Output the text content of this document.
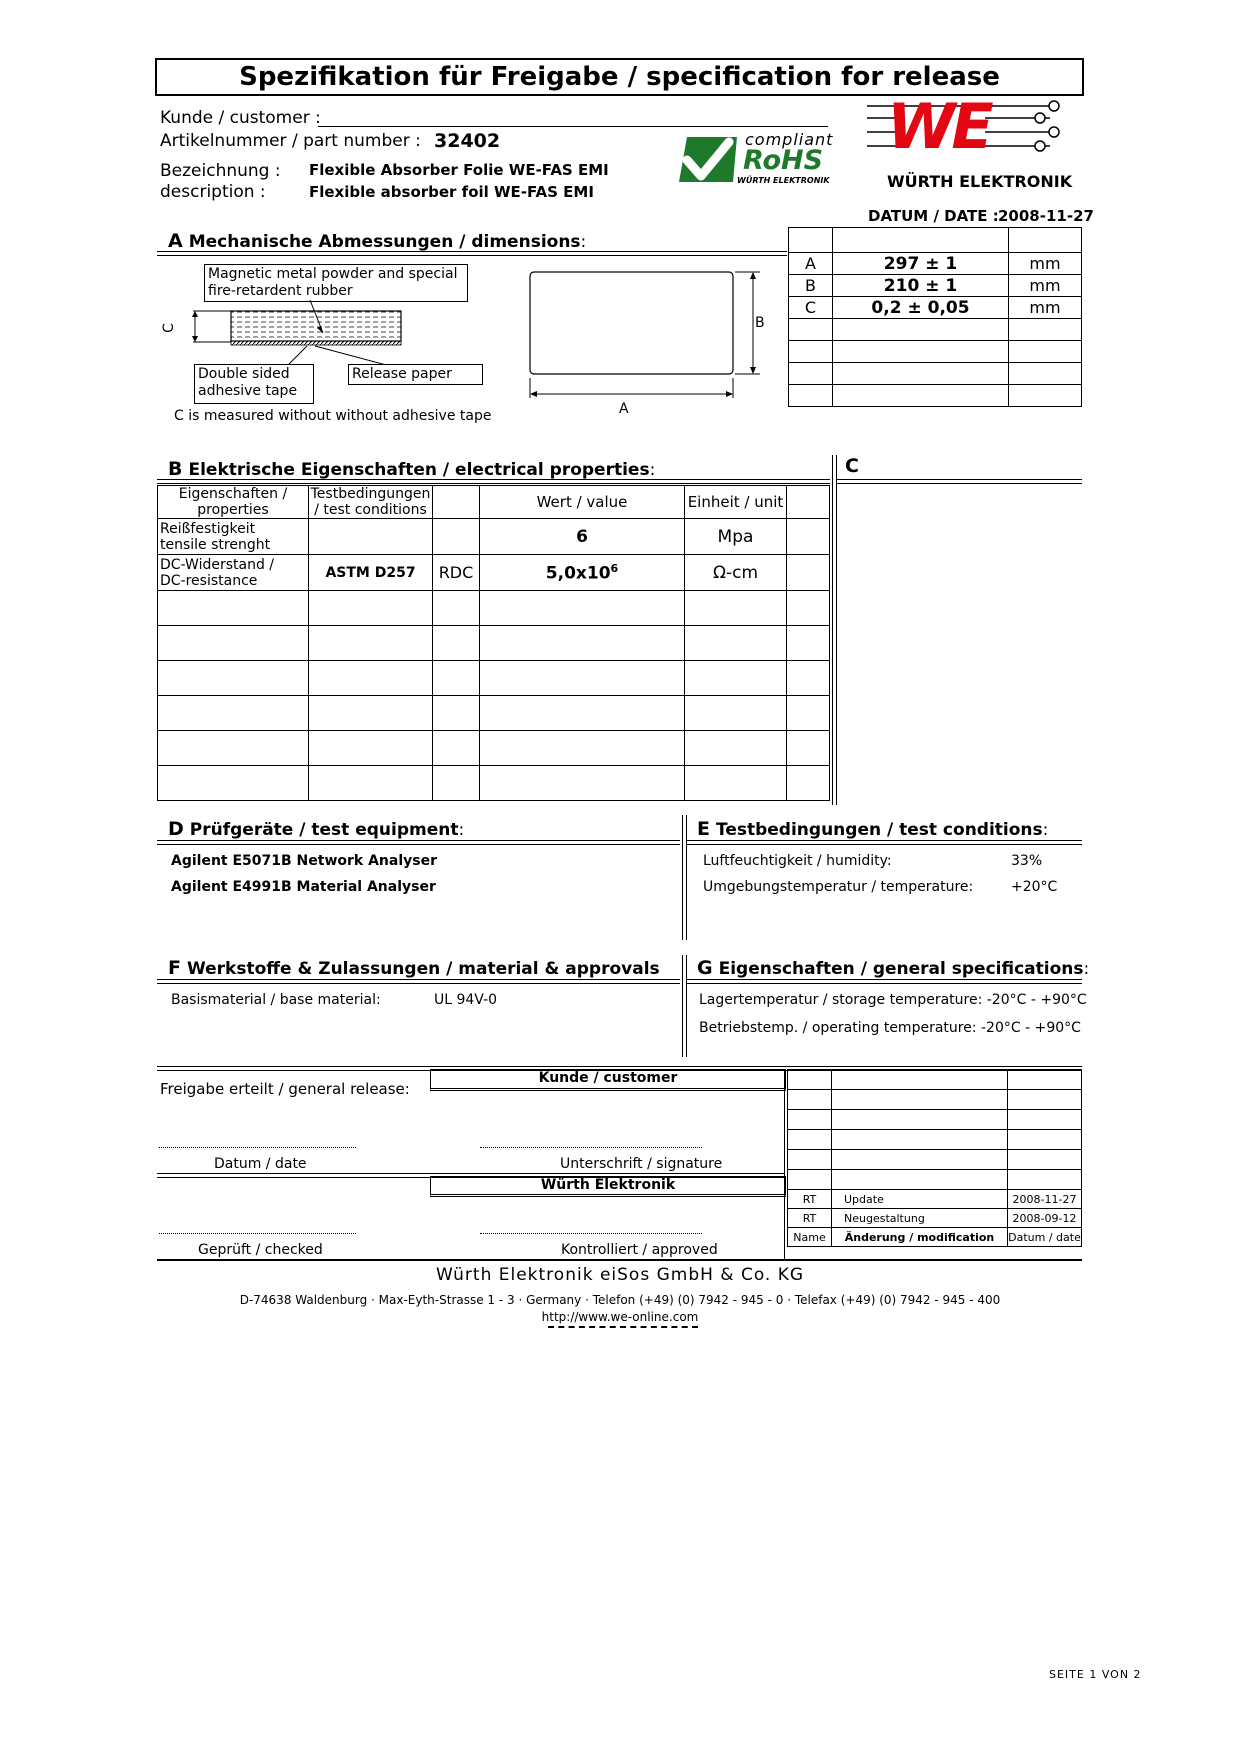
Spezifikation für Freigabe / specification for release
Kunde / customer :
Artikelnummer / part number : 32402
Bezeichnung :
description :
Flexible Absorber Folie WE-FAS EMI
Flexible absorber foil WE-FAS EMI
compliant
RoHS
WÜRTH ELEKTRONIK
WE
WÜRTH ELEKTRONIK
DATUM / DATE : 2008-11-27
A Mechanische Abmessungen / dimensions:
Magnetic metal powder and special fire-retardent rubber
C
Double sided adhesive tape
Release paper
C is measured without without adhesive tape
B
A

A	297 ± 1	mm
B	210 ± 1	mm
C	0,2 ± 0,05	mm

B Elektrische Eigenschaften / electrical properties:	C
Eigenschaften / properties	Testbedingungen / test conditions		Wert / value	Einheit / unit	

Reißfestigkeit
tensile strenght			6	Mpa	

DC-Widerstand /
DC-resistance	ASTM D257	RDC	$5,0x10^6$	Ω-cm	

D Prüfgeräte / test equipment:
Agilent E5071B Network Analyser
Agilent E4991B Material Analyser
E Testbedingungen / test conditions:
Luftfeuchtigkeit / humidity:	33%
Umgebungstemperatur / temperature:	+20°C
F Werkstoffe & Zulassungen / material & approvals
Basismaterial / base material:	UL 94V-0
G Eigenschaften / general specifications:
Lagertemperatur / storage temperature: -20°C - +90°C
Betriebstemp. / operating temperature: -20°C - +90°C
Freigabe erteilt / general release:
Kunde / customer
Datum / date	Unterschrift / signature
Würth Elektronik
Geprüft / checked	Kontrolliert / approved

RT	Update	2008-11-27
RT	Neugestaltung	2008-09-12
Name	Änderung / modification	Datum / date
Würth Elektronik eiSos GmbH & Co. KG
D-74638 Waldenburg · Max-Eyth-Strasse 1 - 3 · Germany · Telefon (+49) (0) 7942 - 945 - 0 · Telefax (+49) (0) 7942 - 945 - 400
http://www.we-online.com
SEITE 1 VON 2
